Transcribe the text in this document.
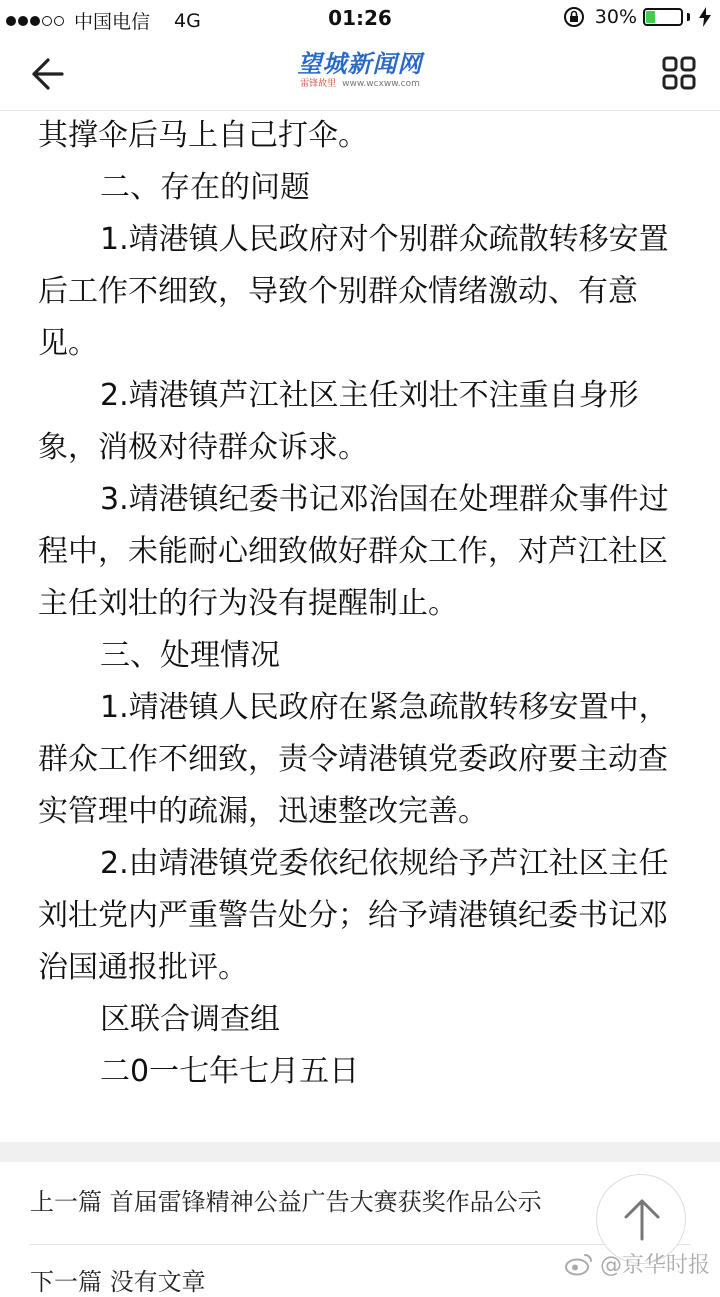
中国电信 4G	01:26	30%
望城新闻网
雷锋故里 www.wcxww.com

其撑伞后马上自己打伞。

二、存在的问题

1.靖港镇人民政府对个别群众疏散转移安置后工作不细致，导致个别群众情绪激动、有意见。

2.靖港镇芦江社区主任刘壮不注重自身形象，消极对待群众诉求。

3.靖港镇纪委书记邓治国在处理群众事件过程中，未能耐心细致做好群众工作，对芦江社区主任刘壮的行为没有提醒制止。

三、处理情况

1.靖港镇人民政府在紧急疏散转移安置中，群众工作不细致，责令靖港镇党委政府要主动查实管理中的疏漏，迅速整改完善。

2.由靖港镇党委依纪依规给予芦江社区主任刘壮党内严重警告处分；给予靖港镇纪委书记邓治国通报批评。

区联合调查组

二0一七年七月五日

上一篇 首届雷锋精神公益广告大赛获奖作品公示
下一篇 没有文章
@京华时报
